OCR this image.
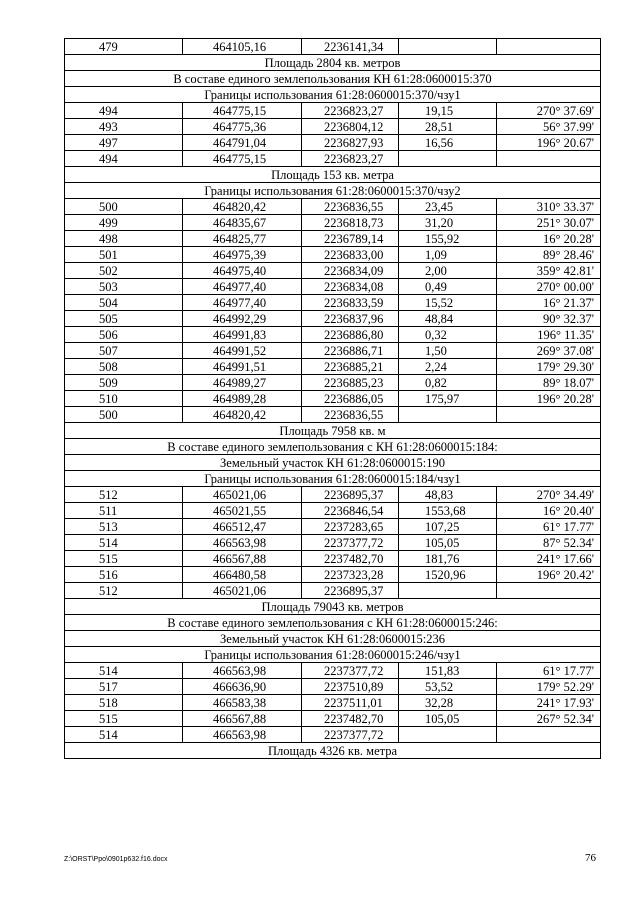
479	464105,16	2236141,34		
Площадь 2804 кв. метров				
В составе единого землепользования КН 61:28:0600015:370				
Границы использования 61:28:0600015:370/чзу1				
494	464775,15	2236823,27	19,15	270° 37.69'
493	464775,36	2236804,12	28,51	56° 37.99'
497	464791,04	2236827,93	16,56	196° 20.67'
494	464775,15	2236823,27		
Площадь 153 кв. метра				
Границы использования 61:28:0600015:370/чзу2				
500	464820,42	2236836,55	23,45	310° 33.37'
499	464835,67	2236818,73	31,20	251° 30.07'
498	464825,77	2236789,14	155,92	16° 20.28'
501	464975,39	2236833,00	1,09	89° 28.46'
502	464975,40	2236834,09	2,00	359° 42.81'
503	464977,40	2236834,08	0,49	270° 00.00'
504	464977,40	2236833,59	15,52	16° 21.37'
505	464992,29	2236837,96	48,84	90° 32.37'
506	464991,83	2236886,80	0,32	196° 11.35'
507	464991,52	2236886,71	1,50	269° 37.08'
508	464991,51	2236885,21	2,24	179° 29.30'
509	464989,27	2236885,23	0,82	89° 18.07'
510	464989,28	2236886,05	175,97	196° 20.28'
500	464820,42	2236836,55		
Площадь 7958 кв. м				
В составе единого землепользования с КН 61:28:0600015:184:				
Земельный участок КН 61:28:0600015:190				
Границы использования 61:28:0600015:184/чзу1				
512	465021,06	2236895,37	48,83	270° 34.49'
511	465021,55	2236846,54	1553,68	16° 20.40'
513	466512,47	2237283,65	107,25	61° 17.77'
514	466563,98	2237377,72	105,05	87° 52.34'
515	466567,88	2237482,70	181,76	241° 17.66'
516	466480,58	2237323,28	1520,96	196° 20.42'
512	465021,06	2236895,37		
Площадь 79043 кв. метров				
В составе единого землепользования с КН 61:28:0600015:246:				
Земельный участок КН 61:28:0600015:236				
Границы использования 61:28:0600015:246/чзу1				
514	466563,98	2237377,72	151,83	61° 17.77'
517	466636,90	2237510,89	53,52	179° 52.29'
518	466583,38	2237511,01	32,28	241° 17.93'
515	466567,88	2237482,70	105,05	267° 52.34'
514	466563,98	2237377,72		
Площадь 4326 кв. метра				
Z:\ORST\Ppo\0901p632.f16.docx	76
